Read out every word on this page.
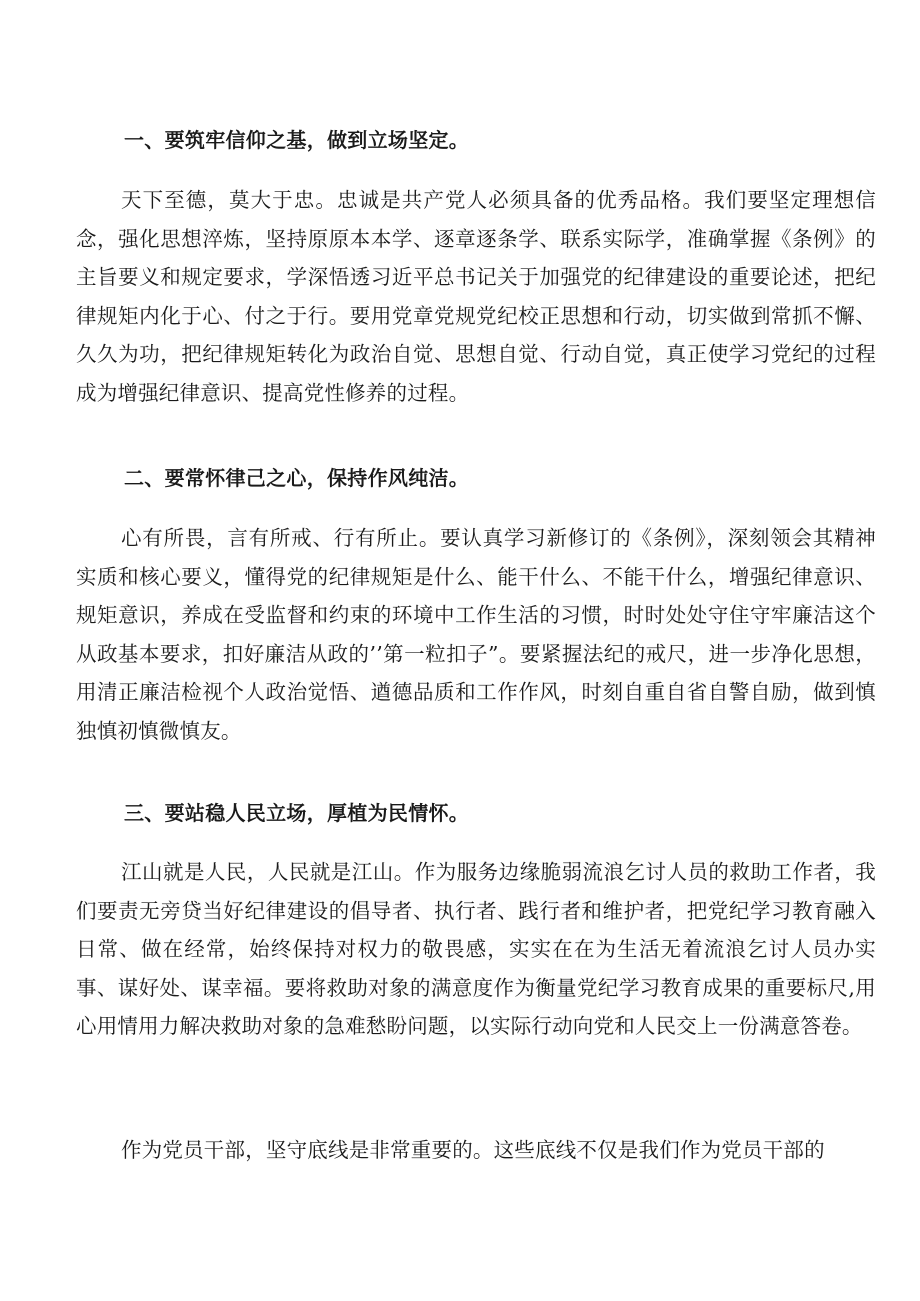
一、要筑牢信仰之基，做到立场坚定。

天下至德，莫大于忠。忠诚是共产党人必须具备的优秀品格。我们要坚定理想信念，强化思想淬炼，坚持原原本本学、逐章逐条学、联系实际学，准确掌握《条例》的主旨要义和规定要求，学深悟透习近平总书记关于加强党的纪律建设的重要论述，把纪律规矩内化于心、付之于行。要用党章党规党纪校正思想和行动，切实做到常抓不懈、久久为功，把纪律规矩转化为政治自觉、思想自觉、行动自觉，真正使学习党纪的过程成为增强纪律意识、提高党性修养的过程。

二、要常怀律己之心，保持作风纯洁。

心有所畏，言有所戒、行有所止。要认真学习新修订的《条例》，深刻领会其精神实质和核心要义，懂得党的纪律规矩是什么、能干什么、不能干什么，增强纪律意识、规矩意识，养成在受监督和约束的环境中工作生活的习惯，时时处处守住守牢廉洁这个从政基本要求，扣好廉洁从政的’’第一粒扣子”。要紧握法纪的戒尺，进一步净化思想，用清正廉洁检视个人政治觉悟、遒德品质和工作作风，时刻自重自省自警自励，做到慎独慎初慎微慎友。

三、要站稳人民立场，厚植为民情怀。

江山就是人民，人民就是江山。作为服务边缘脆弱流浪乞讨人员的救助工作者，我们要责无旁贷当好纪律建设的倡导者、执行者、践行者和维护者，把党纪学习教育融入日常、做在经常，始终保持对权力的敬畏感，实实在在为生活无着流浪乞讨人员办实事、谋好处、谋幸福。要将救助对象的满意度作为衡量党纪学习教育成果的重要标尺,用心用情用力解决救助对象的急难愁盼问题，以实际行动向党和人民交上一份满意答卷。

作为党员干部，坚守底线是非常重要的。这些底线不仅是我们作为党员干部的
